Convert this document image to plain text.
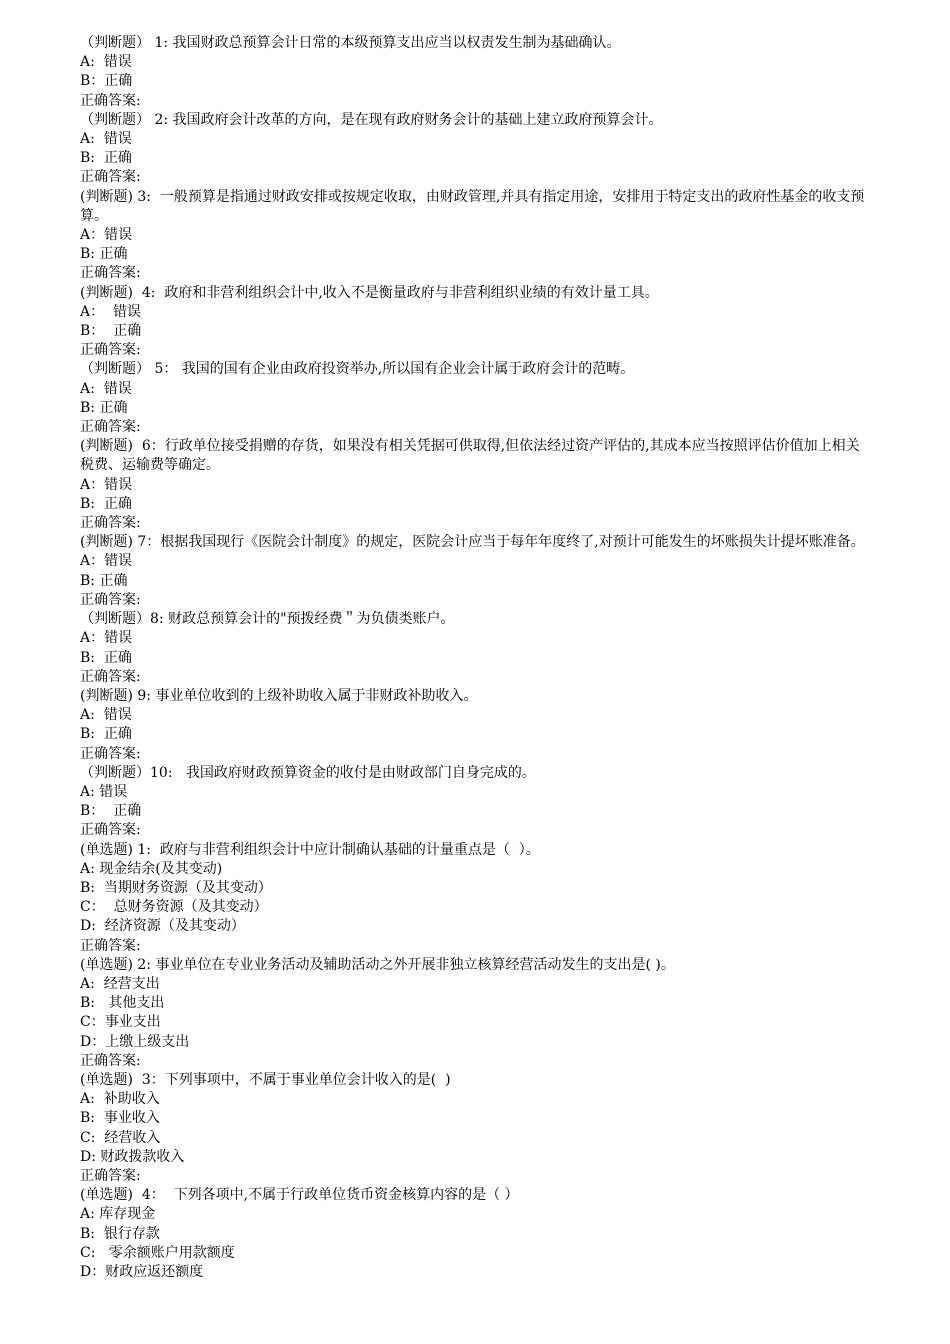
（判断题） 1: 我国财政总预算会计日常的本级预算支出应当以权责发生制为基础确认。

A:  错误

B：正确

正确答案:

（判断题） 2: 我国政府会计改革的方向，是在现有政府财务会计的基础上建立政府预算会计。

A:  错误

B:  正确

正确答案:

(判断题) 3:  一般预算是指通过财政安排或按规定收取，由财政管理,并具有指定用途，安排用于特定支出的政府性基金的收支预算。

A：错误

B: 正确

正确答案:

(判断题)  4:  政府和非营利组织会计中,收入不是衡量政府与非营利组织业绩的有效计量工具。

A：  错误

B：  正确

正确答案:

（判断题） 5： 我国的国有企业由政府投资举办,所以国有企业会计属于政府会计的范畴。

A:  错误

B: 正确

正确答案:

(判断题)  6：行政单位接受捐赠的存货，如果没有相关凭据可供取得,但依法经过资产评估的,其成本应当按照评估价值加上相关税费、运输费等确定。

A：错误

B:  正确

正确答案:

(判断题) 7：根据我国现行《医院会计制度》的规定，医院会计应当于每年年度终了,对预计可能发生的坏账损失计提坏账准备。

A：错误

B: 正确

正确答案:

（判断题）8: 财政总预算会计的"预拨经费＂为负债类账户。

A：错误

B:  正确

正确答案:

(判断题) 9: 事业单位收到的上级补助收入属于非财政补助收入。

A:  错误

B:  正确

正确答案:

（判断题）10:   我国政府财政预算资金的收付是由财政部门自身完成的。

A: 错误

B：  正确

正确答案:

(单选题) 1:  政府与非营利组织会计中应计制确认基础的计量重点是（  ）。

A: 现金结余(及其变动)

B:  当期财务资源（及其变动）

C：  总财务资源（及其变动）

D:  经济资源（及其变动）

正确答案:

(单选题) 2: 事业单位在专业业务活动及辅助活动之外开展非独立核算经营活动发生的支出是( )。

A:  经营支出

B:   其他支出

C：事业支出

D：上缴上级支出

正确答案:

(单选题)  3：下列事项中，不属于事业单位会计收入的是(  )

A:  补助收入

B:  事业收入

C:  经营收入

D: 财政拨款收入

正确答案:

(单选题)  4：  下列各项中,不属于行政单位货币资金核算内容的是（ ）

A: 库存现金

B:  银行存款

C:   零余额账户用款额度

D：财政应返还额度
